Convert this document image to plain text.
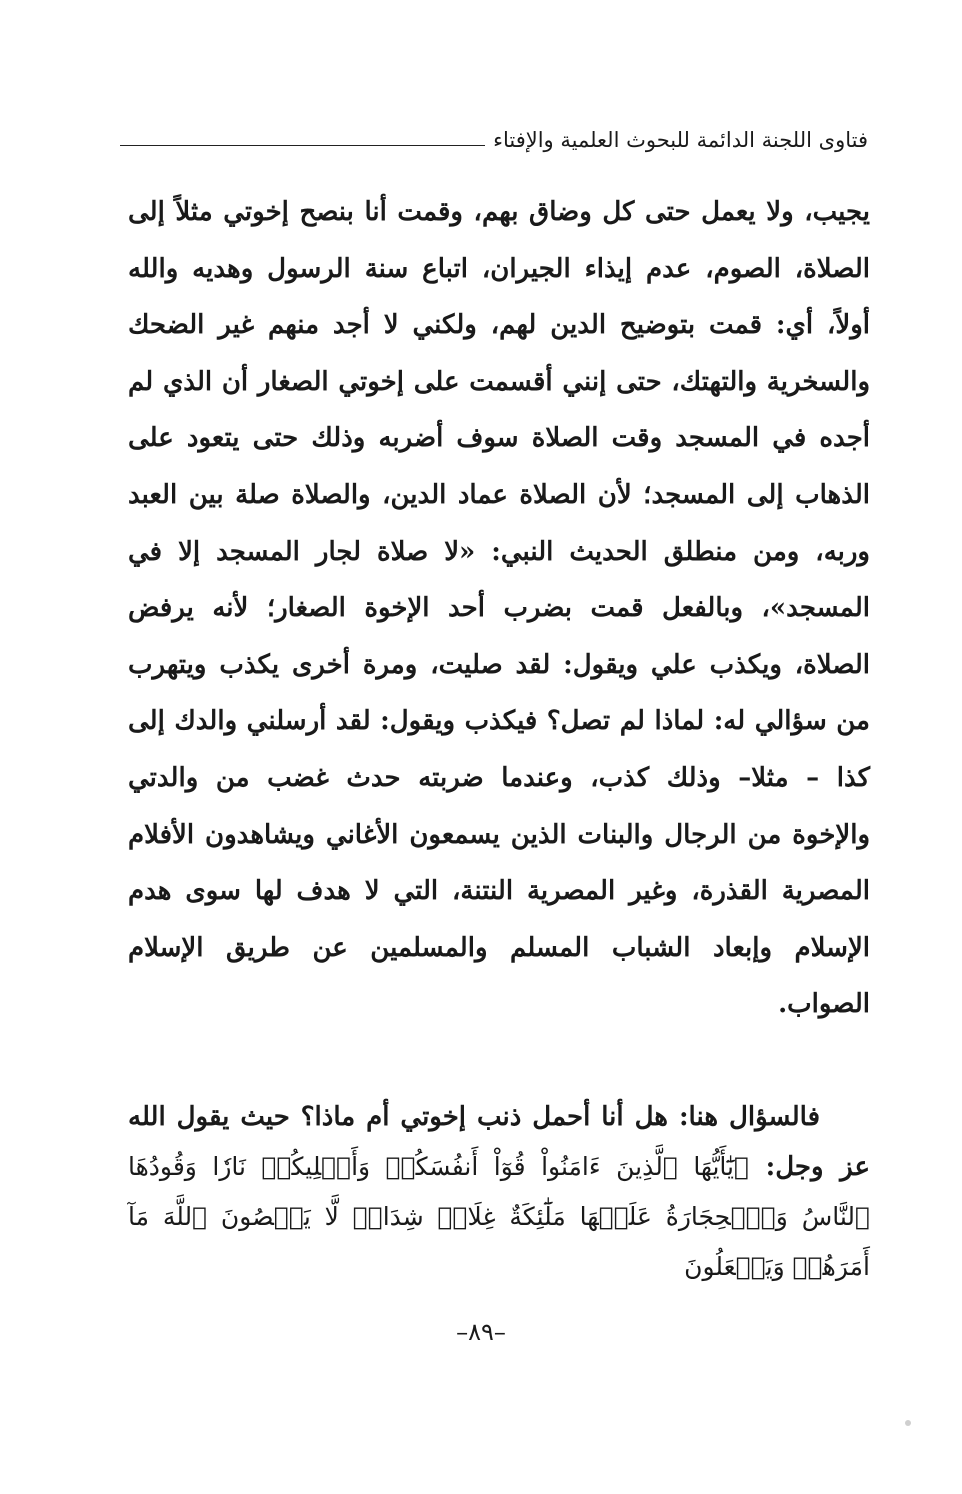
فتاوى اللجنة الدائمة للبحوث العلمية والإفتاء

يجيب، ولا يعمل حتى كل وضاق بهم، وقمت أنا بنصح إخوتي مثلاً إلى الصلاة، الصوم، عدم إيذاء الجيران، اتباع سنة الرسول وهديه والله أولاً، أي: قمت بتوضيح الدين لهم، ولكني لا أجد منهم غير الضحك والسخرية والتهتك، حتى إنني أقسمت على إخوتي الصغار أن الذي لم أجده في المسجد وقت الصلاة سوف أضربه وذلك حتى يتعود على الذهاب إلى المسجد؛ لأن الصلاة عماد الدين، والصلاة صلة بين العبد وربه، ومن منطلق الحديث النبي: «لا صلاة لجار المسجد إلا في المسجد»، وبالفعل قمت بضرب أحد الإخوة الصغار؛ لأنه يرفض الصلاة، ويكذب علي ويقول: لقد صليت، ومرة أخرى يكذب ويتهرب من سؤالي له: لماذا لم تصل؟ فيكذب ويقول: لقد أرسلني والدك إلى كذا – مثلا– وذلك كذب، وعندما ضربته حدث غضب من والدتي والإخوة من الرجال والبنات الذين يسمعون الأغاني ويشاهدون الأفلام المصرية القذرة، وغير المصرية النتنة، التي لا هدف لها سوى هدم الإسلام وإبعاد الشباب المسلم والمسلمين عن طريق الإسلام الصواب.

فالسؤال هنا: هل أنا أحمل ذنب إخوتي أم ماذا؟ حيث يقول الله عز وجل: ﴿يَٰٓأَيُّهَا ٱلَّذِينَ ءَامَنُواْ قُوٓاْ أَنفُسَكُمۡ وَأَهۡلِيكُمۡ نَارٗا وَقُودُهَا ٱلنَّاسُ وَٱلۡحِجَارَةُ عَلَيۡهَا مَلَٰٓئِكَةٌ غِلَاظٞ شِدَادٞ لَّا يَعۡصُونَ ٱللَّهَ مَآ أَمَرَهُمۡ وَيَفۡعَلُونَ

–٨٩–
